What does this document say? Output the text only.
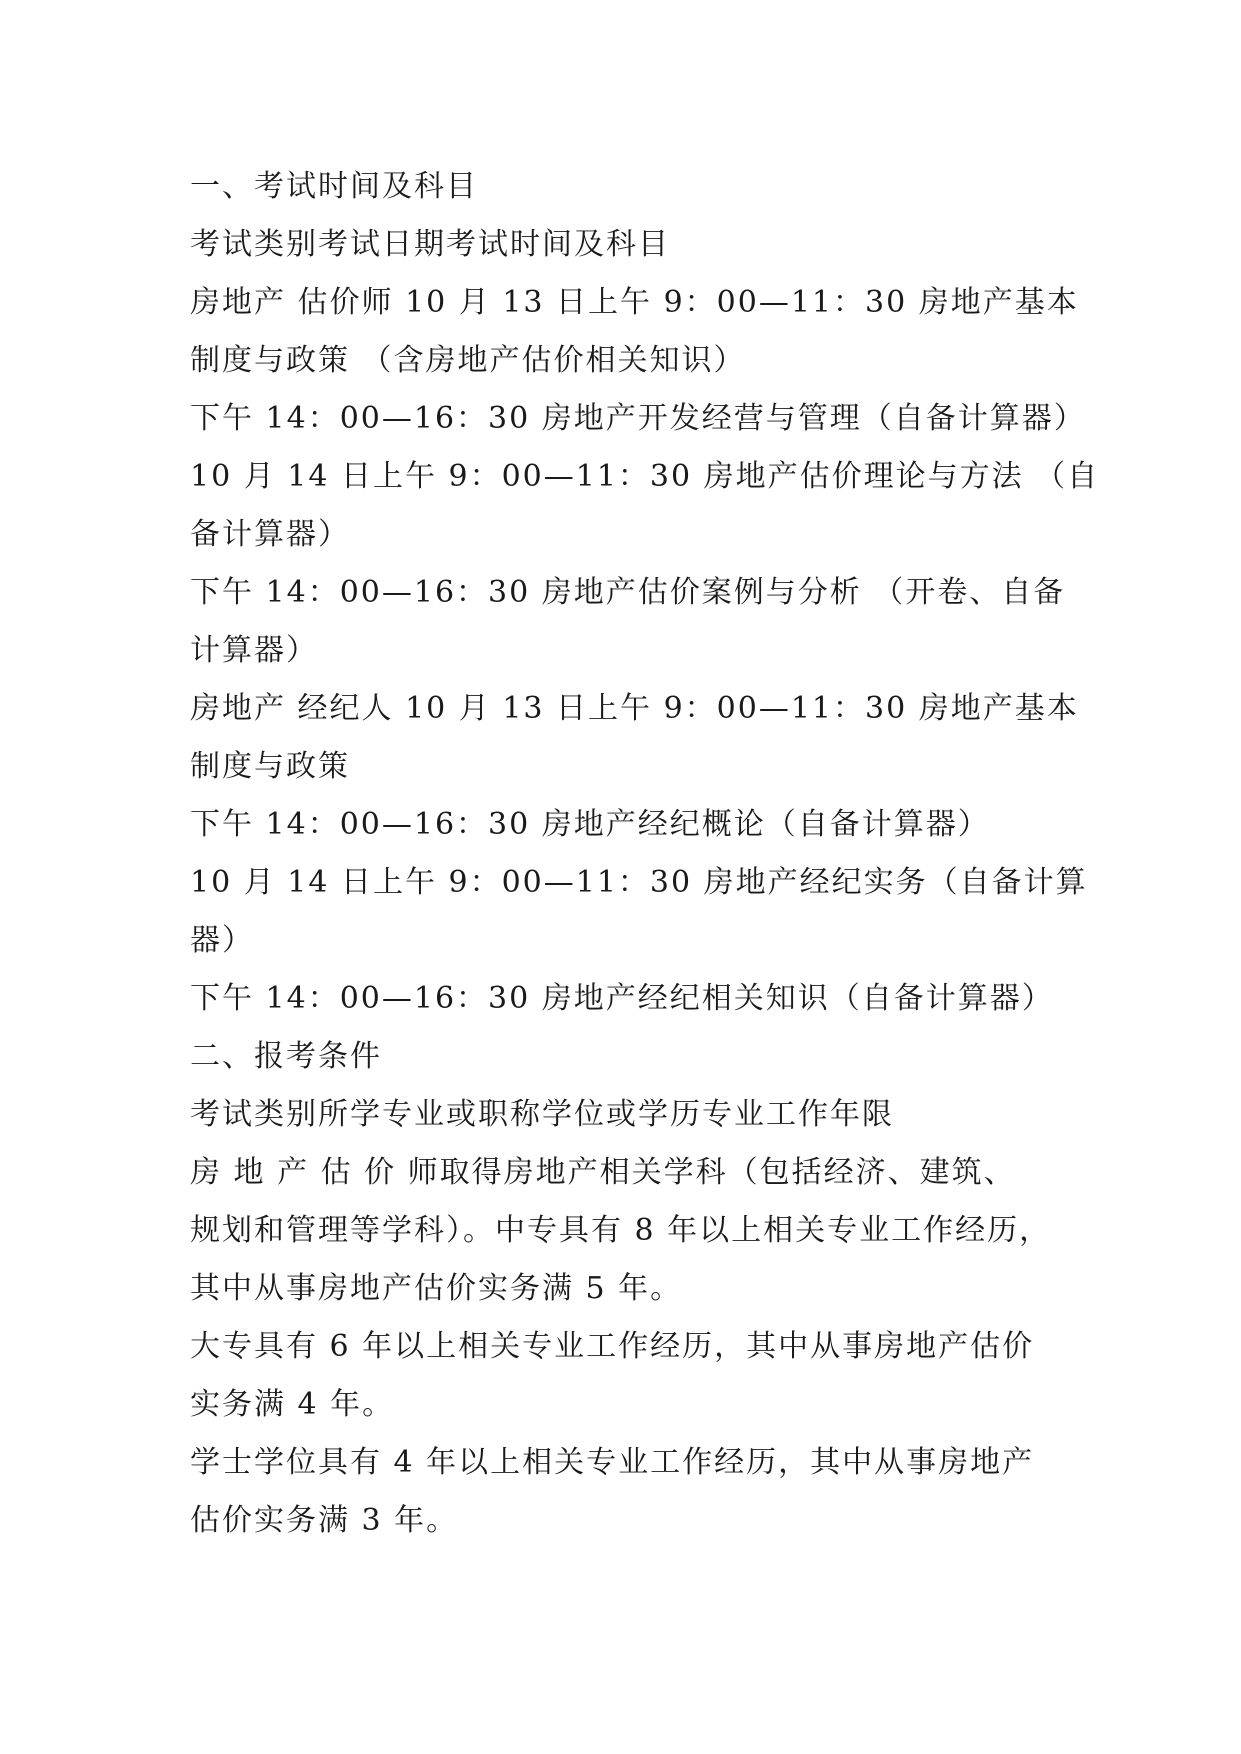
一、考试时间及科目
考试类别考试日期考试时间及科目
房地产 估价师 10 月 13 日上午 9：00—11：30 房地产基本
制度与政策 （含房地产估价相关知识）
下午 14：00—16：30 房地产开发经营与管理（自备计算器）
10 月 14 日上午 9：00—11：30 房地产估价理论与方法 （自
备计算器）
下午 14：00—16：30 房地产估价案例与分析 （开卷、自备
计算器）
房地产 经纪人 10 月 13 日上午 9：00—11：30 房地产基本
制度与政策
下午 14：00—16：30 房地产经纪概论（自备计算器）
10 月 14 日上午 9：00—11：30 房地产经纪实务（自备计算
器）
下午 14：00—16：30 房地产经纪相关知识（自备计算器）
二、报考条件
考试类别所学专业或职称学位或学历专业工作年限
房 地 产 估 价 师取得房地产相关学科（包括经济、建筑、
规划和管理等学科）。中专具有 8 年以上相关专业工作经历，
其中从事房地产估价实务满 5 年。
大专具有 6 年以上相关专业工作经历，其中从事房地产估价
实务满 4 年。
学士学位具有 4 年以上相关专业工作经历，其中从事房地产
估价实务满 3 年。
